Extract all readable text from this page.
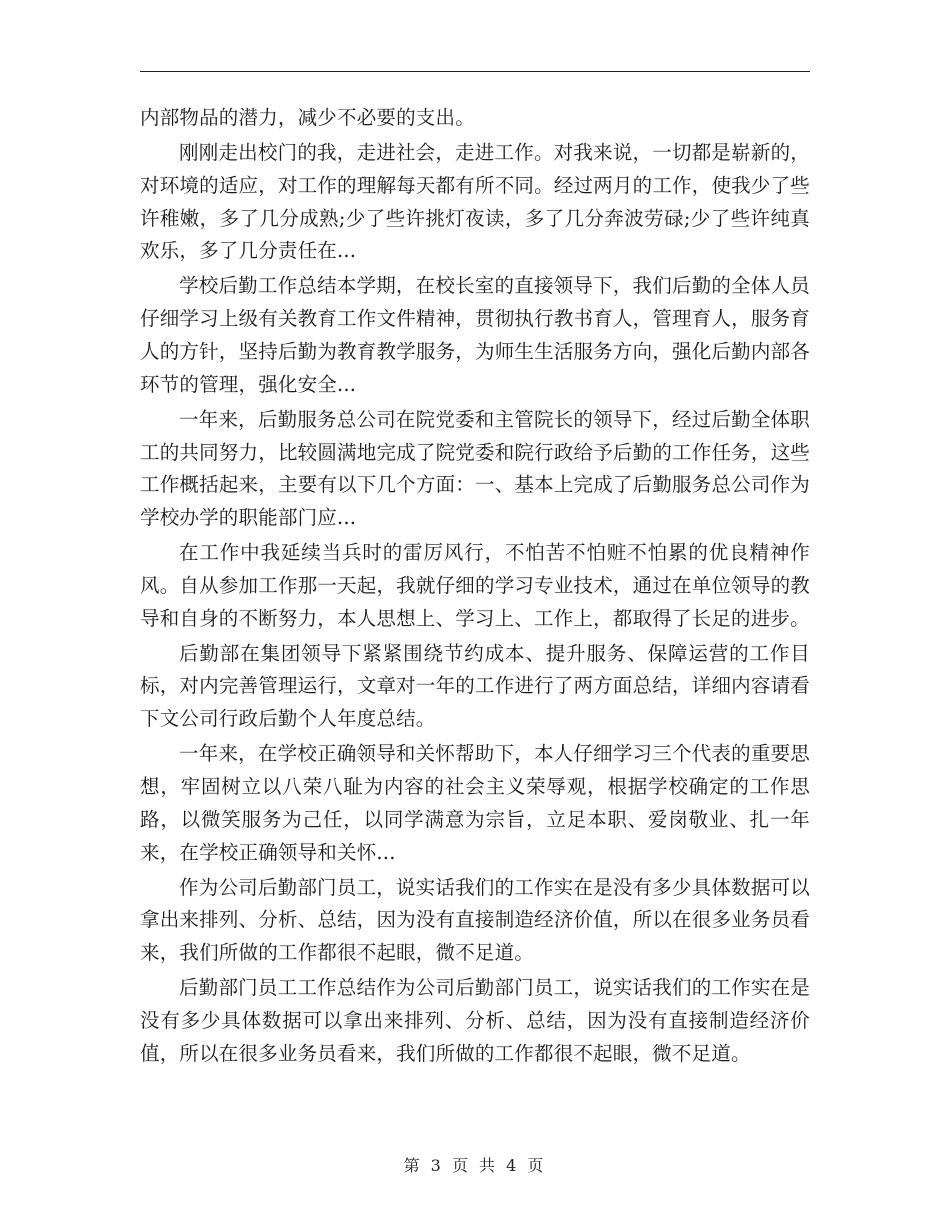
内部物品的潜力，减少不必要的支出。

刚刚走出校门的我，走进社会，走进工作。对我来说，一切都是崭新的，对环境的适应，对工作的理解每天都有所不同。经过两月的工作，使我少了些许稚嫩，多了几分成熟;少了些许挑灯夜读，多了几分奔波劳碌;少了些许纯真欢乐，多了几分责任在...

学校后勤工作总结本学期，在校长室的直接领导下，我们后勤的全体人员仔细学习上级有关教育工作文件精神，贯彻执行教书育人，管理育人，服务育人的方针，坚持后勤为教育教学服务，为师生生活服务方向，强化后勤内部各环节的管理，强化安全...

一年来，后勤服务总公司在院党委和主管院长的领导下，经过后勤全体职工的共同努力，比较圆满地完成了院党委和院行政给予后勤的工作任务，这些工作概括起来，主要有以下几个方面：一、基本上完成了后勤服务总公司作为学校办学的职能部门应...

在工作中我延续当兵时的雷厉风行，不怕苦不怕赃不怕累的优良精神作风。自从参加工作那一天起，我就仔细的学习专业技术，通过在单位领导的教导和自身的不断努力，本人思想上、学习上、工作上，都取得了长足的进步。

后勤部在集团领导下紧紧围绕节约成本、提升服务、保障运营的工作目标，对内完善管理运行，文章对一年的工作进行了两方面总结，详细内容请看下文公司行政后勤个人年度总结。

一年来，在学校正确领导和关怀帮助下，本人仔细学习三个代表的重要思想，牢固树立以八荣八耻为内容的社会主义荣辱观，根据学校确定的工作思路，以微笑服务为己任，以同学满意为宗旨，立足本职、爱岗敬业、扎一年来，在学校正确领导和关怀...

作为公司后勤部门员工，说实话我们的工作实在是没有多少具体数据可以拿出来排列、分析、总结，因为没有直接制造经济价值，所以在很多业务员看来，我们所做的工作都很不起眼，微不足道。

后勤部门员工工作总结作为公司后勤部门员工，说实话我们的工作实在是没有多少具体数据可以拿出来排列、分析、总结，因为没有直接制造经济价值，所以在很多业务员看来，我们所做的工作都很不起眼，微不足道。

第 3 页 共 4 页
